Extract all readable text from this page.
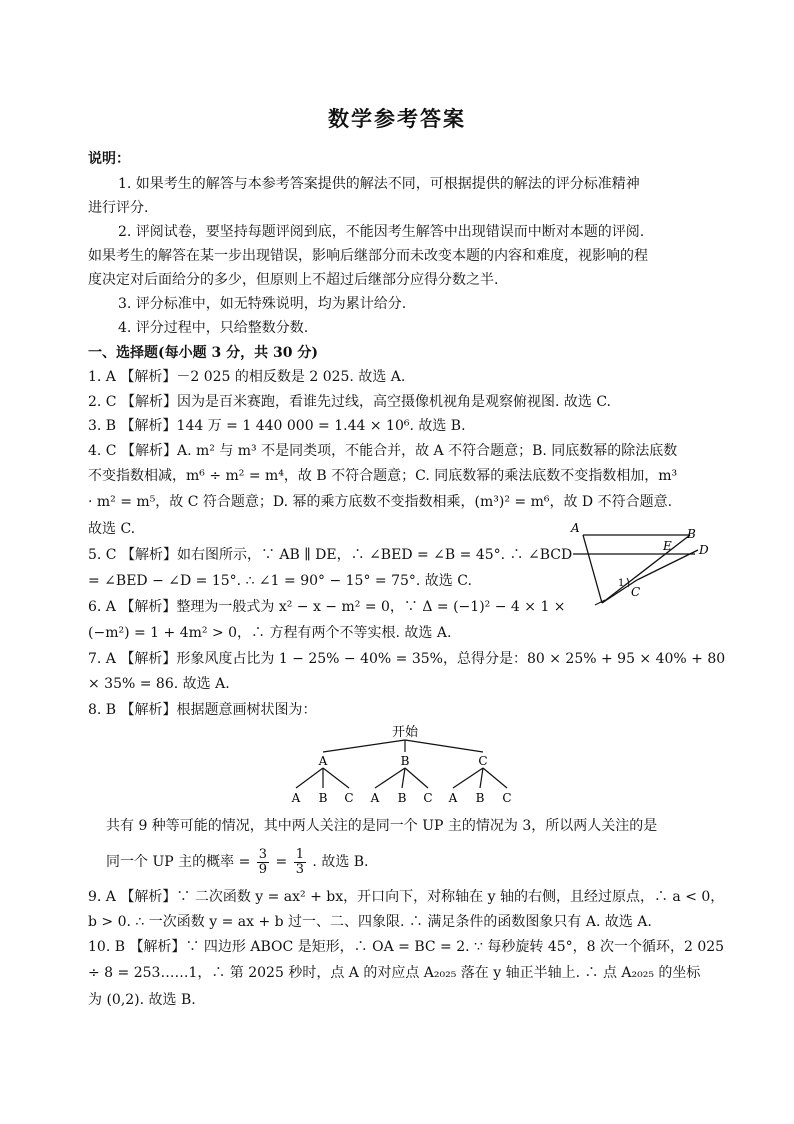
数学参考答案
说明：
1. 如果考生的解答与本参考答案提供的解法不同，可根据提供的解法的评分标准精神
进行评分.
2. 评阅试卷，要坚持每题评阅到底，不能因考生解答中出现错误而中断对本题的评阅.
如果考生的解答在某一步出现错误，影响后继部分而未改变本题的内容和难度，视影响的程
度决定对后面给分的多少，但原则上不超过后继部分应得分数之半.
3. 评分标准中，如无特殊说明，均为累计给分.
4. 评分过程中，只给整数分数.
一、选择题(每小题 3 分，共 30 分)
1. A 【解析】－2 025 的相反数是 2 025. 故选 A.
2. C 【解析】因为是百米赛跑，看谁先过线，高空摄像机视角是观察俯视图. 故选 C.
3. B 【解析】144 万 = 1 440 000 = 1.44 × 10⁶. 故选 B.
4. C 【解析】A. m² 与 m³ 不是同类项，不能合并，故 A 不符合题意；B. 同底数幂的除法底数
不变指数相减，m⁶ ÷ m² = m⁴，故 B 不符合题意；C. 同底数幂的乘法底数不变指数相加，m³
· m² = m⁵，故 C 符合题意；D. 幂的乘方底数不变指数相乘，(m³)² = m⁶，故 D 不符合题意.
故选 C.
5. C 【解析】如右图所示，∵ AB ∥ DE，∴ ∠BED = ∠B = 45°. ∴ ∠BCD
= ∠BED − ∠D = 15°. ∴ ∠1 = 90° − 15° = 75°. 故选 C.
A	B
E D
C
1
6. A 【解析】整理为一般式为 x² − x − m² = 0，∵ Δ = (−1)² − 4 × 1 ×
(−m²) = 1 + 4m² > 0，∴ 方程有两个不等实根. 故选 A.
7. A 【解析】形象风度占比为 1 − 25% − 40% = 35%，总得分是：80 × 25% + 95 × 40% + 80
× 35% = 86. 故选 A.
8. B 【解析】根据题意画树状图为：
开始
A	B	C
A B C A B C A B C
共有 9 种等可能的情况，其中两人关注的是同一个 UP 主的情况为 3，所以两人关注的是
同一个 UP 主的概率 = $\frac{3}{9} = \frac{1}{3}$ . 故选 B.
9. A 【解析】∵ 二次函数 y = ax² + bx，开口向下，对称轴在 y 轴的右侧，且经过原点，∴ a < 0，
b > 0. ∴ 一次函数 y = ax + b 过一、二、四象限. ∴ 满足条件的函数图象只有 A. 故选 A.
10. B 【解析】∵ 四边形 ABOC 是矩形，∴ OA = BC = 2. ∵ 每秒旋转 45°，8 次一个循环，2 025
÷ 8 = 253……1，∴ 第 2025 秒时，点 A 的对应点 A₂₀₂₅ 落在 y 轴正半轴上. ∴ 点 A₂₀₂₅ 的坐标
为 (0,2). 故选 B.
